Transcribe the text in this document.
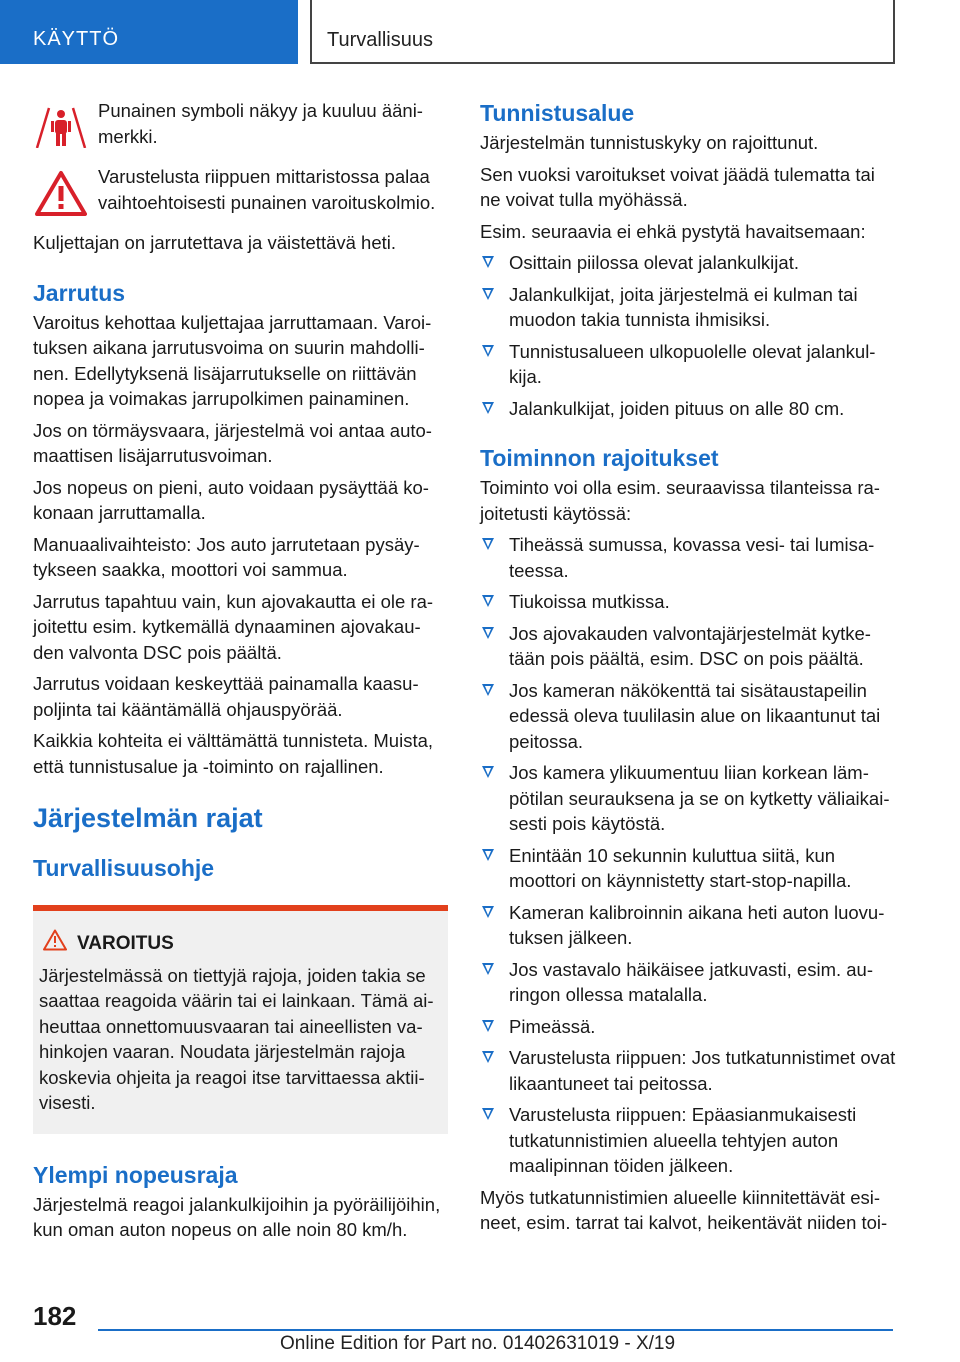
KÄYTTÖ	Turvallisuus

Punainen symboli näkyy ja kuuluu ääni-merkki.

Varustelusta riippuen mittaristossa palaa vaihtoehtoisesti punainen varoituskolmio.

Kuljettajan on jarrutettava ja väistettävä heti.

Jarrutus

Varoitus kehottaa kuljettajaa jarruttamaan. Varoi-tuksen aikana jarrutusvoima on suurin mahdolli-nen. Edellytyksenä lisäjarrutukselle on riittävän nopea ja voimakas jarrupolkimen painaminen.

Jos on törmäysvaara, järjestelmä voi antaa auto-maattisen lisäjarrutusvoiman.

Jos nopeus on pieni, auto voidaan pysäyttää ko-konaan jarruttamalla.

Manuaalivaihteisto: Jos auto jarrutetaan pysäy-tykseen saakka, moottori voi sammua.

Jarrutus tapahtuu vain, kun ajovakautta ei ole ra-joitettu esim. kytkemällä dynaaminen ajovakau-den valvonta DSC pois päältä.

Jarrutus voidaan keskeyttää painamalla kaasu-poljinta tai kääntämällä ohjauspyörää.

Kaikkia kohteita ei välttämättä tunnisteta. Muista, että tunnistusalue ja -toiminto on rajallinen.

Järjestelmän rajat
Turvallisuusohje
VAROITUS

Järjestelmässä on tiettyjä rajoja, joiden takia se saattaa reagoida väärin tai ei lainkaan. Tämä ai-heuttaa onnettomuusvaaran tai aineellisten va-hinkojen vaaran. Noudata järjestelmän rajoja koskevia ohjeita ja reagoi itse tarvittaessa aktii-visesti.

Ylempi nopeusraja

Järjestelmä reagoi jalankulkijoihin ja pyöräilijöihin, kun oman auton nopeus on alle noin 80 km/h.

Tunnistusalue

Järjestelmän tunnistuskyky on rajoittunut.

Sen vuoksi varoitukset voivat jäädä tulematta tai ne voivat tulla myöhässä.

Esim. seuraavia ei ehkä pystytä havaitsemaan:

Osittain piilossa olevat jalankulkijat.
Jalankulkijat, joita järjestelmä ei kulman tai muodon takia tunnista ihmisiksi.
Tunnistusalueen ulkopuolelle olevat jalankul-kija.
Jalankulkijat, joiden pituus on alle 80 cm.
Toiminnon rajoitukset

Toiminto voi olla esim. seuraavissa tilanteissa ra-joitetusti käytössä:

Tiheässä sumussa, kovassa vesi- tai lumisa-teessa.
Tiukoissa mutkissa.
Jos ajovakauden valvontajärjestelmät kytke-tään pois päältä, esim. DSC on pois päältä.
Jos kameran näkökenttä tai sisätaustapeilin edessä oleva tuulilasin alue on likaantunut tai peitossa.
Jos kamera ylikuumentuu liian korkean läm-pötilan seurauksena ja se on kytketty väliaikai-sesti pois käytöstä.
Enintään 10 sekunnin kuluttua siitä, kun moottori on käynnistetty start-stop-napilla.
Kameran kalibroinnin aikana heti auton luovu-tuksen jälkeen.
Jos vastavalo häikäisee jatkuvasti, esim. au-ringon ollessa matalalla.
Pimeässä.
Varustelusta riippuen: Jos tutkatunnistimet ovat likaantuneet tai peitossa.
Varustelusta riippuen: Epäasianmukaisesti tutkatunnistimien alueella tehtyjen auton maalipinnan töiden jälkeen.

Myös tutkatunnistimien alueelle kiinnitettävät esi-neet, esim. tarrat tai kalvot, heikentävät niiden toi-

182
Online Edition for Part no. 01402631019 - X/19
